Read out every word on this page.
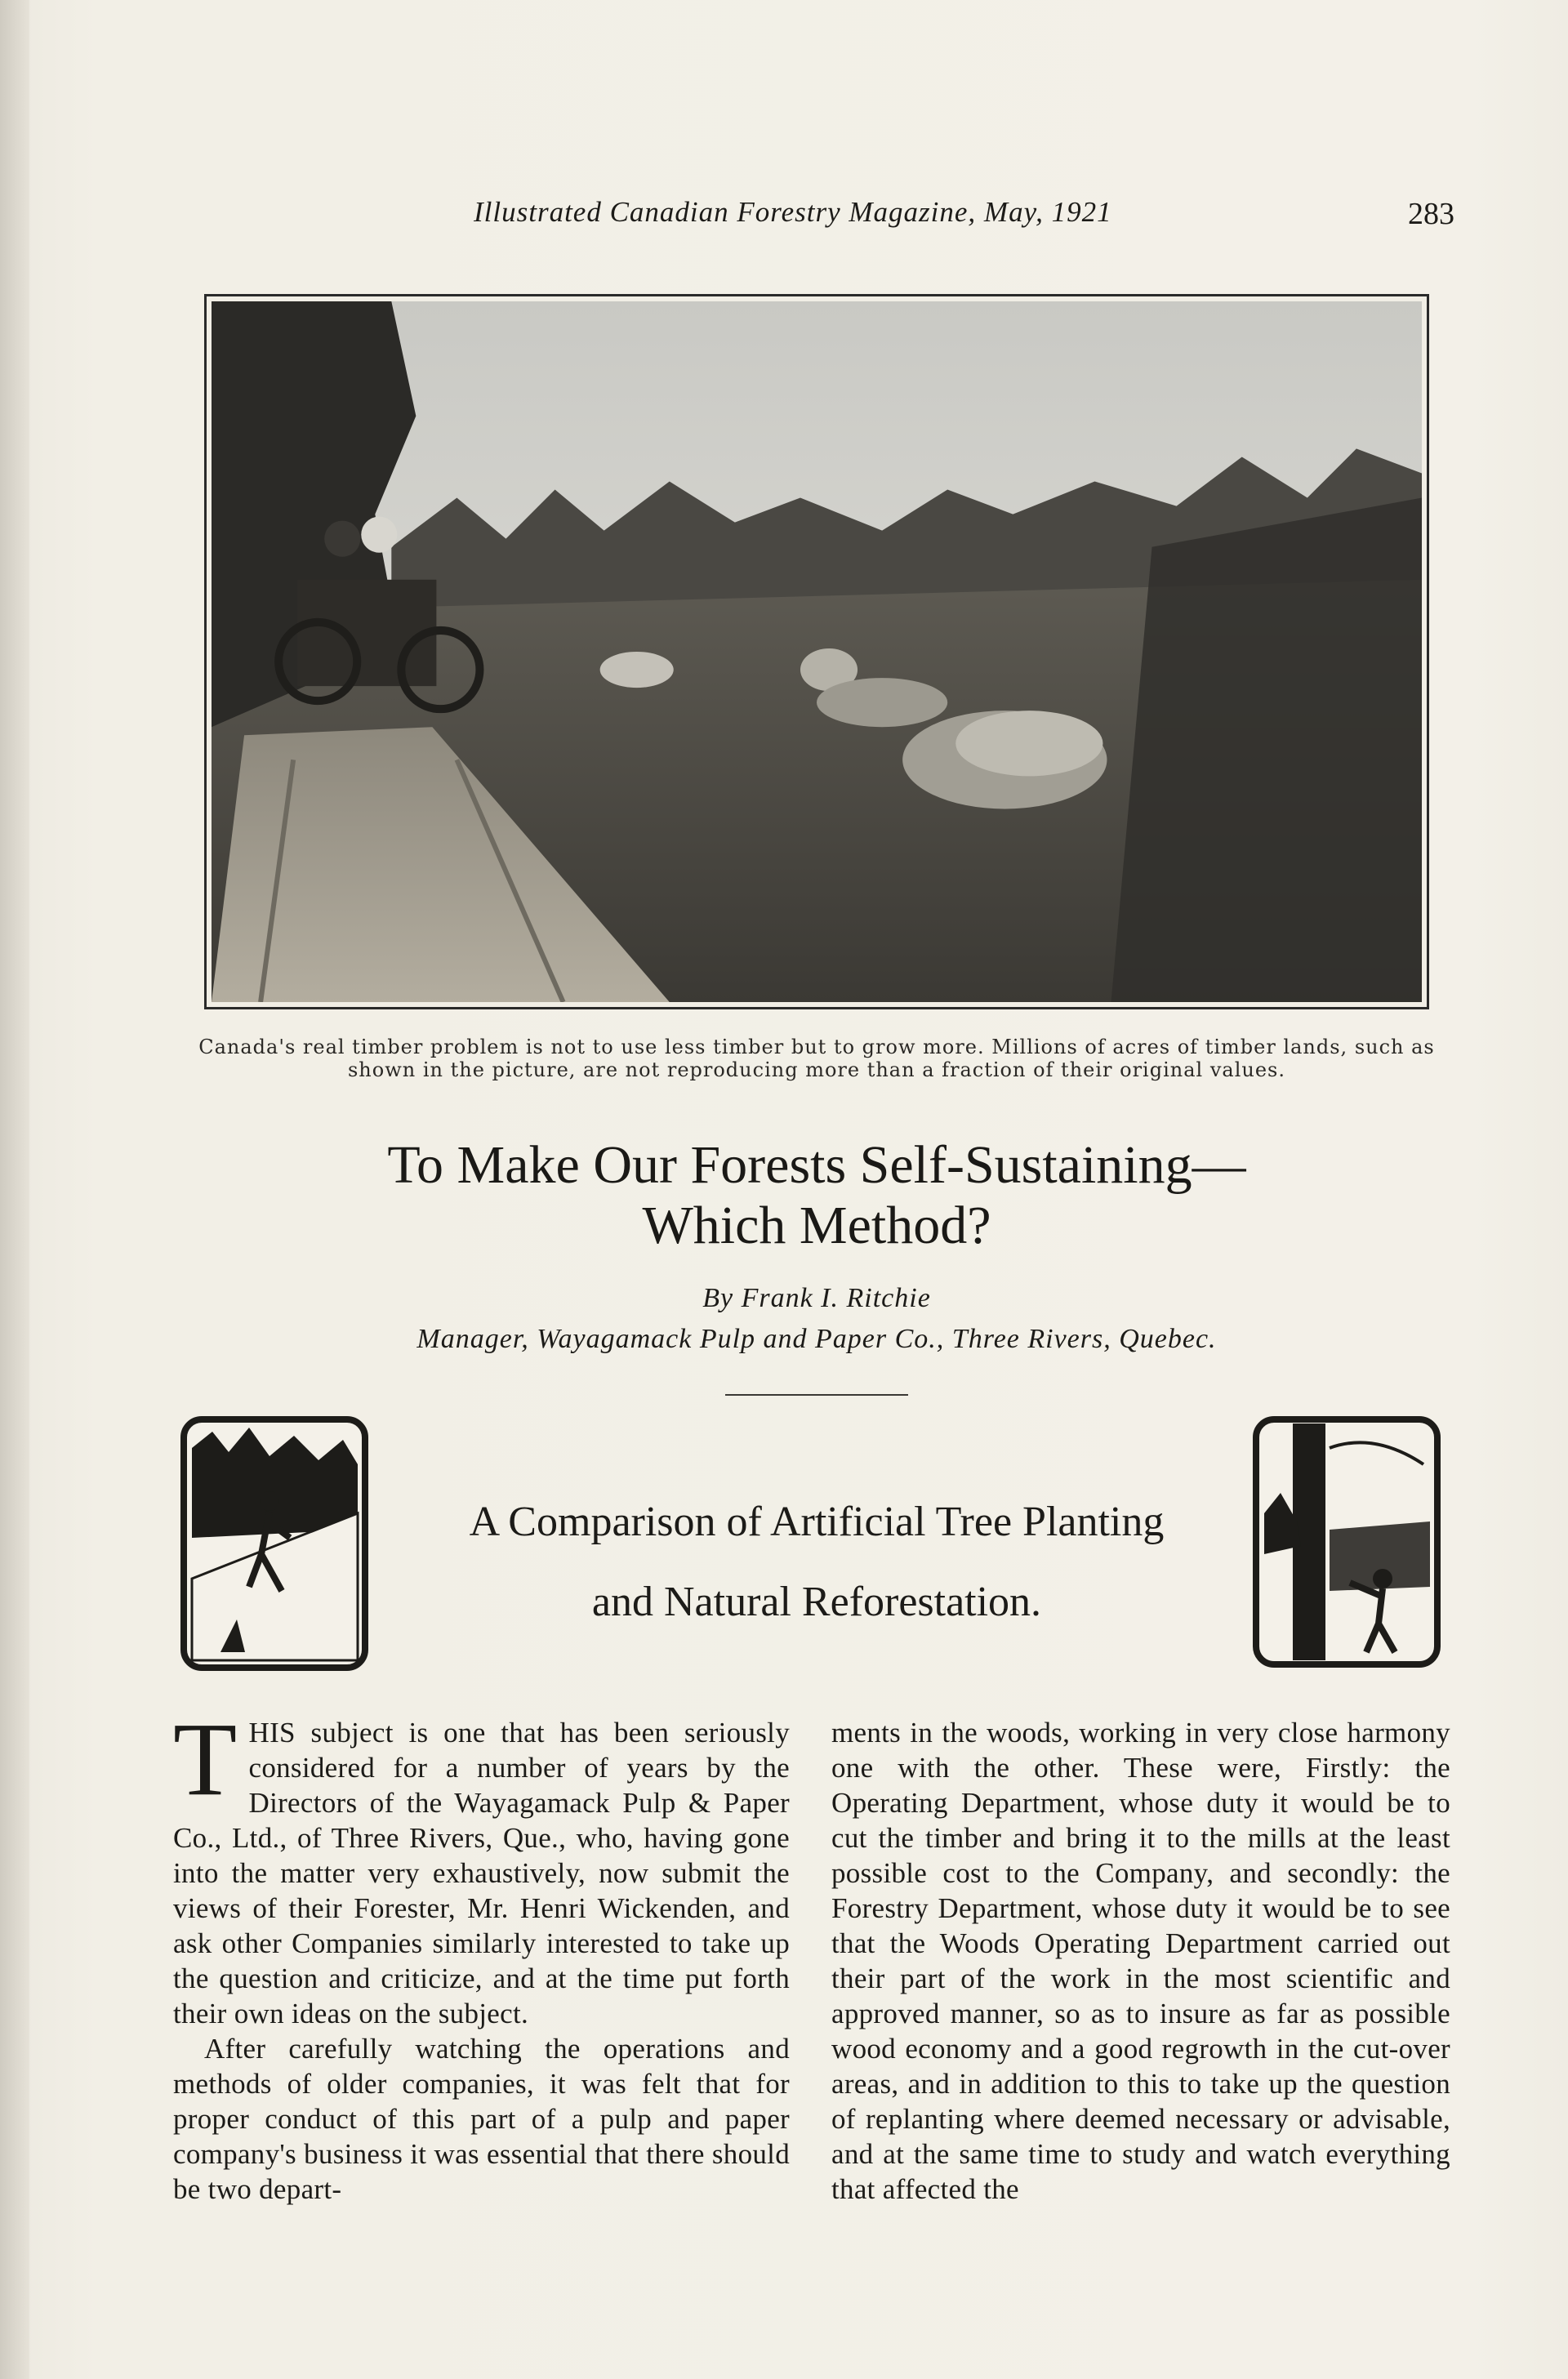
Illustrated Canadian Forestry Magazine, May, 1921	283
Canada's real timber problem is not to use less timber but to grow more. Millions of acres of timber lands, such as shown in the picture, are not reproducing more than a fraction of their original values.
To Make Our Forests Self-Sustaining—
Which Method?
By Frank I. Ritchie
Manager, Wayagamack Pulp and Paper Co., Three Rivers, Quebec.
A Comparison of Artificial Tree Planting
and Natural Reforestation.

THIS subject is one that has been seriously considered for a number of years by the Directors of the Wayagamack Pulp & Paper Co., Ltd., of Three Rivers, Que., who, having gone into the matter very exhaustively, now submit the views of their Forester, Mr. Henri Wickenden, and ask other Companies similarly interested to take up the question and criticize, and at the time put forth their own ideas on the subject.

After carefully watching the operations and methods of older companies, it was felt that for proper conduct of this part of a pulp and paper company's business it was essential that there should be two depart-

ments in the woods, working in very close harmony one with the other. These were, Firstly: the Operating Department, whose duty it would be to cut the timber and bring it to the mills at the least possible cost to the Company, and secondly: the Forestry Department, whose duty it would be to see that the Woods Operating Department carried out their part of the work in the most scientific and approved manner, so as to insure as far as possible wood economy and a good regrowth in the cut-over areas, and in addition to this to take up the question of replanting where deemed necessary or advisable, and at the same time to study and watch everything that affected the
